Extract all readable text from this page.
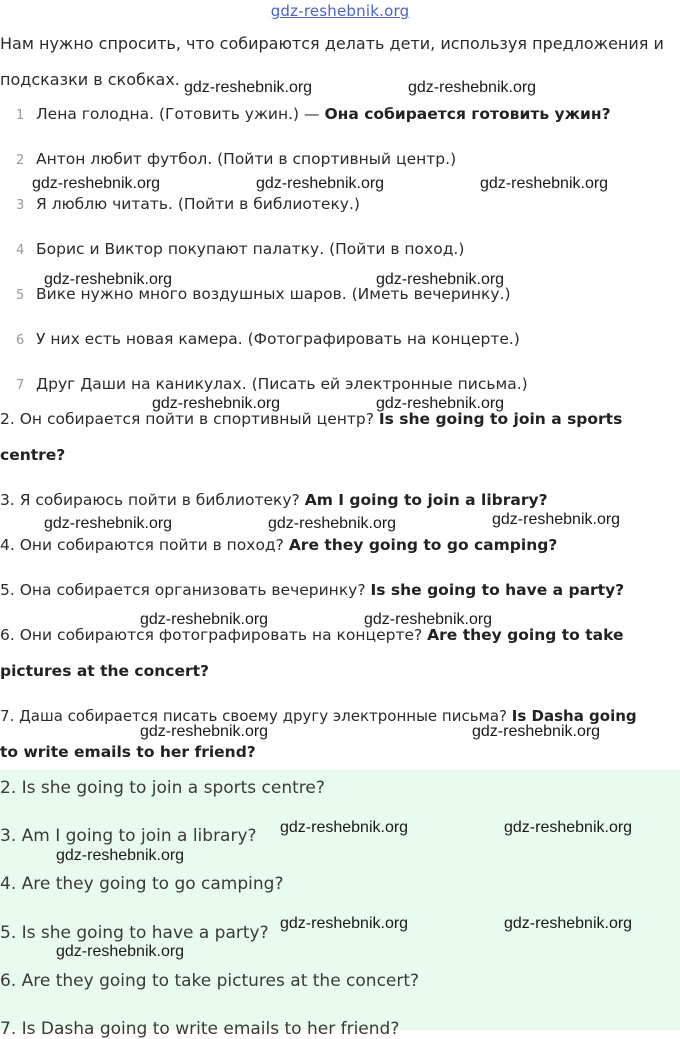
gdz-reshebnik.org
Нам нужно спросить, что собираются делать дети, используя предложения и
подсказки в скобках.
1 Лена голодна. (Готовить ужин.) — Она собирается готовить ужин?
2 Антон любит футбол. (Пойти в спортивный центр.)
3 Я люблю читать. (Пойти в библиотеку.)
4 Борис и Виктор покупают палатку. (Пойти в поход.)
5 Вике нужно много воздушных шаров. (Иметь вечеринку.)
6 У них есть новая камера. (Фотографировать на концерте.)
7 Друг Даши на каникулах. (Писать ей электронные письма.)
2. Он собирается пойти в спортивный центр? Is she going to join a sports
centre?
3. Я собираюсь пойти в библиотеку? Am I going to join a library?
4. Они собираются пойти в поход? Are they going to go camping?
5. Она собирается организовать вечеринку? Is she going to have a party?
6. Они собираются фотографировать на концерте? Are they going to take
pictures at the concert?
7. Даша собирается писать своему другу электронные письма? Is Dasha going
to write emails to her friend?
2. Is she going to join a sports centre?
3. Am I going to join a library?
4. Are they going to go camping?
5. Is she going to have a party?
6. Are they going to take pictures at the concert?
7. Is Dasha going to write emails to her friend?
gdz-reshebnik.org	gdz-reshebnik.org
gdz-reshebnik.org	gdz-reshebnik.org	gdz-reshebnik.org
gdz-reshebnik.org	gdz-reshebnik.org
gdz-reshebnik.org	gdz-reshebnik.org
gdz-reshebnik.org	gdz-reshebnik.org	gdz-reshebnik.org
gdz-reshebnik.org	gdz-reshebnik.org
gdz-reshebnik.org	gdz-reshebnik.org
gdz-reshebnik.org	gdz-reshebnik.org
gdz-reshebnik.org
gdz-reshebnik.org	gdz-reshebnik.org
gdz-reshebnik.org
